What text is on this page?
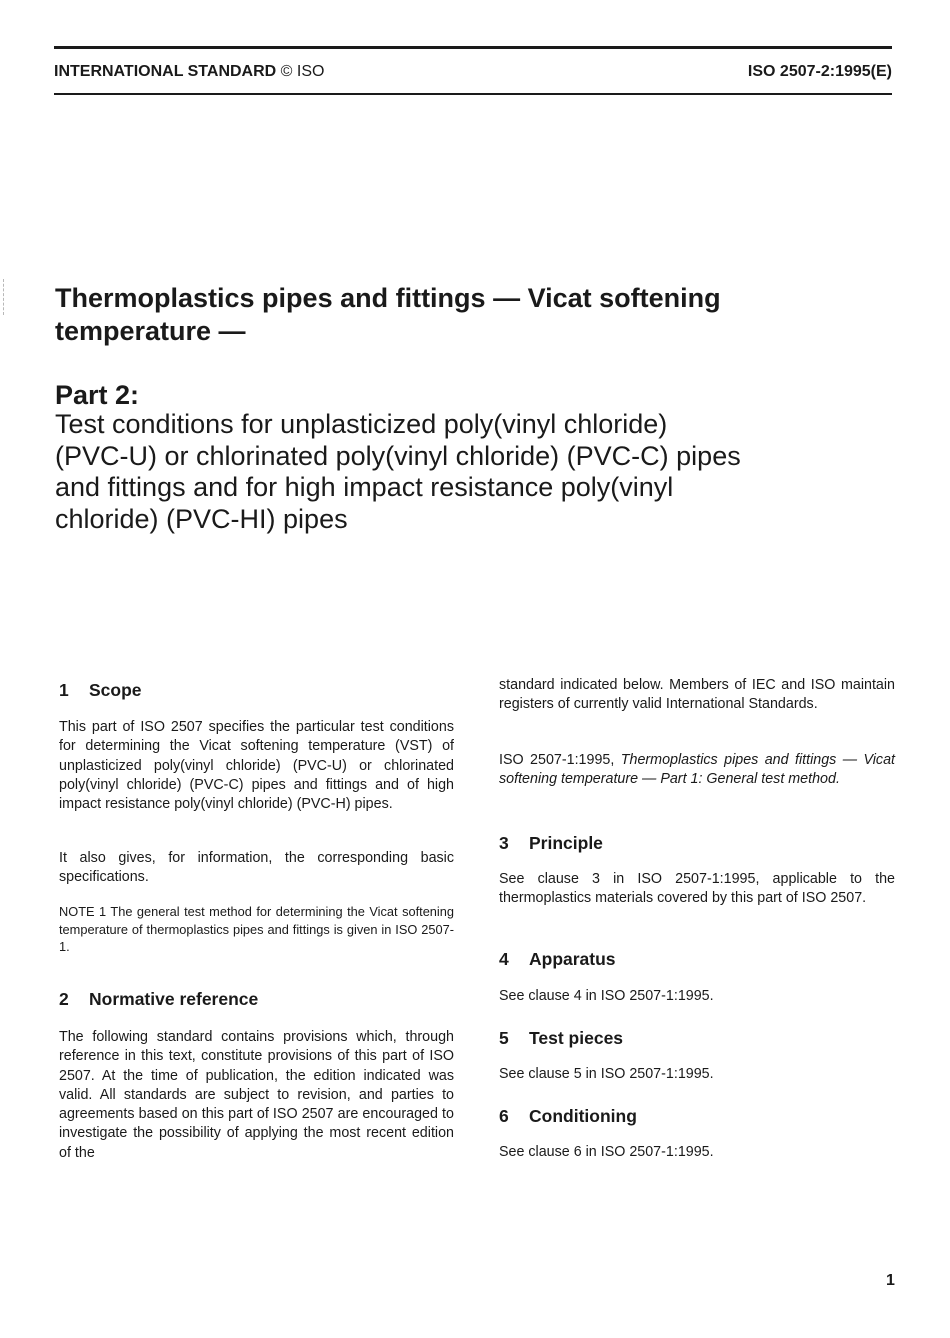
INTERNATIONAL STANDARD © ISO	ISO 2507-2:1995(E)
Thermoplastics pipes and fittings — Vicat softening
temperature —
Part 2:
Test conditions for unplasticized poly(vinyl chloride)
(PVC-U) or chlorinated poly(vinyl chloride) (PVC-C) pipes
and fittings and for high impact resistance poly(vinyl
chloride) (PVC-HI) pipes
1 Scope

This part of ISO 2507 specifies the particular test conditions for determining the Vicat softening temperature (VST) of unplasticized poly(vinyl chloride) (PVC-U) or chlorinated poly(vinyl chloride) (PVC-C) pipes and fittings and of high impact resistance poly(vinyl chloride) (PVC-H) pipes.

It also gives, for information, the corresponding basic specifications.

NOTE 1 The general test method for determining the Vicat softening temperature of thermoplastics pipes and fittings is given in ISO 2507-1.

2 Normative reference

The following standard contains provisions which, through reference in this text, constitute provisions of this part of ISO 2507. At the time of publication, the edition indicated was valid. All standards are subject to revision, and parties to agreements based on this part of ISO 2507 are encouraged to investigate the possibility of applying the most recent edition of the

standard indicated below. Members of IEC and ISO maintain registers of currently valid International Standards.

ISO 2507-1:1995, Thermoplastics pipes and fittings — Vicat softening temperature — Part 1: General test method.

3 Principle

See clause 3 in ISO 2507-1:1995, applicable to the thermoplastics materials covered by this part of ISO 2507.

4 Apparatus

See clause 4 in ISO 2507-1:1995.

5 Test pieces

See clause 5 in ISO 2507-1:1995.

6 Conditioning

See clause 6 in ISO 2507-1:1995.

1
